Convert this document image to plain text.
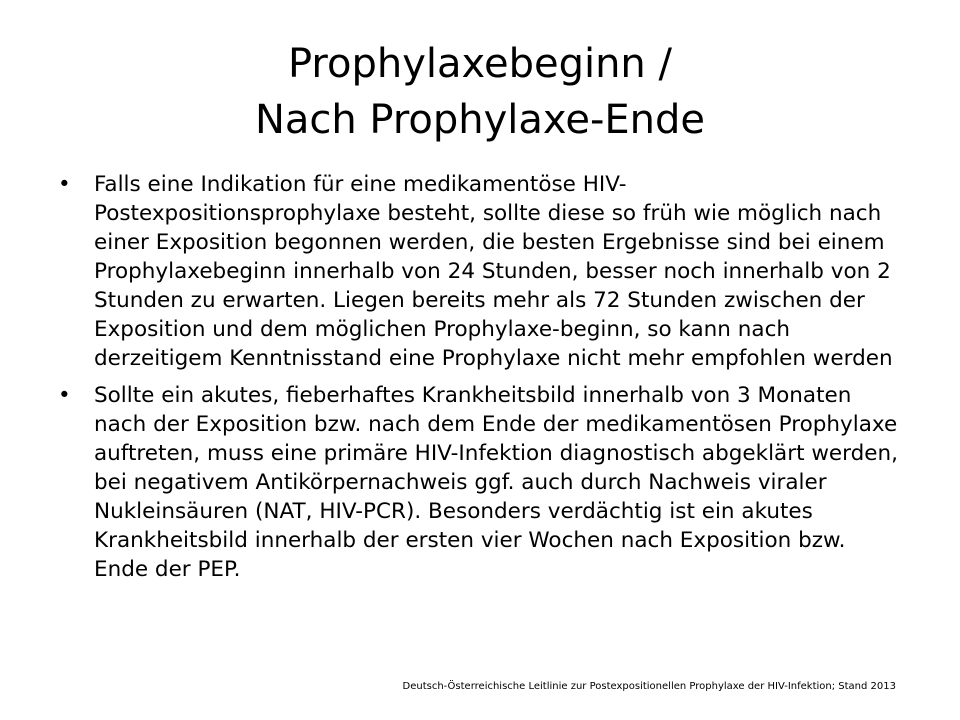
Prophylaxebeginn /
Nach Prophylaxe-Ende
•	Falls eine Indikation für eine medikamentöse HIV-Postexpositionsprophylaxe besteht, sollte diese so früh wie möglich nach einer Exposition begonnen werden, die besten Ergebnisse sind bei einem Prophylaxebeginn innerhalb von 24 Stunden, besser noch innerhalb von 2 Stunden zu erwarten. Liegen bereits mehr als 72 Stunden zwischen der Exposition und dem möglichen Prophylaxe-beginn, so kann nach derzeitigem Kenntnisstand eine Prophylaxe nicht mehr empfohlen werden
•	Sollte ein akutes, fieberhaftes Krankheitsbild innerhalb von 3 Monaten nach der Exposition bzw. nach dem Ende der medikamentösen Prophylaxe auftreten, muss eine primäre HIV-Infektion diagnostisch abgeklärt werden, bei negativem Antikörpernachweis ggf. auch durch Nachweis viraler Nukleinsäuren (NAT, HIV-PCR). Besonders verdächtig ist ein akutes Krankheitsbild innerhalb der ersten vier Wochen nach Exposition bzw. Ende der PEP.
Deutsch-Österreichische Leitlinie zur Postexpositionellen Prophylaxe der HIV-Infektion; Stand 2013
